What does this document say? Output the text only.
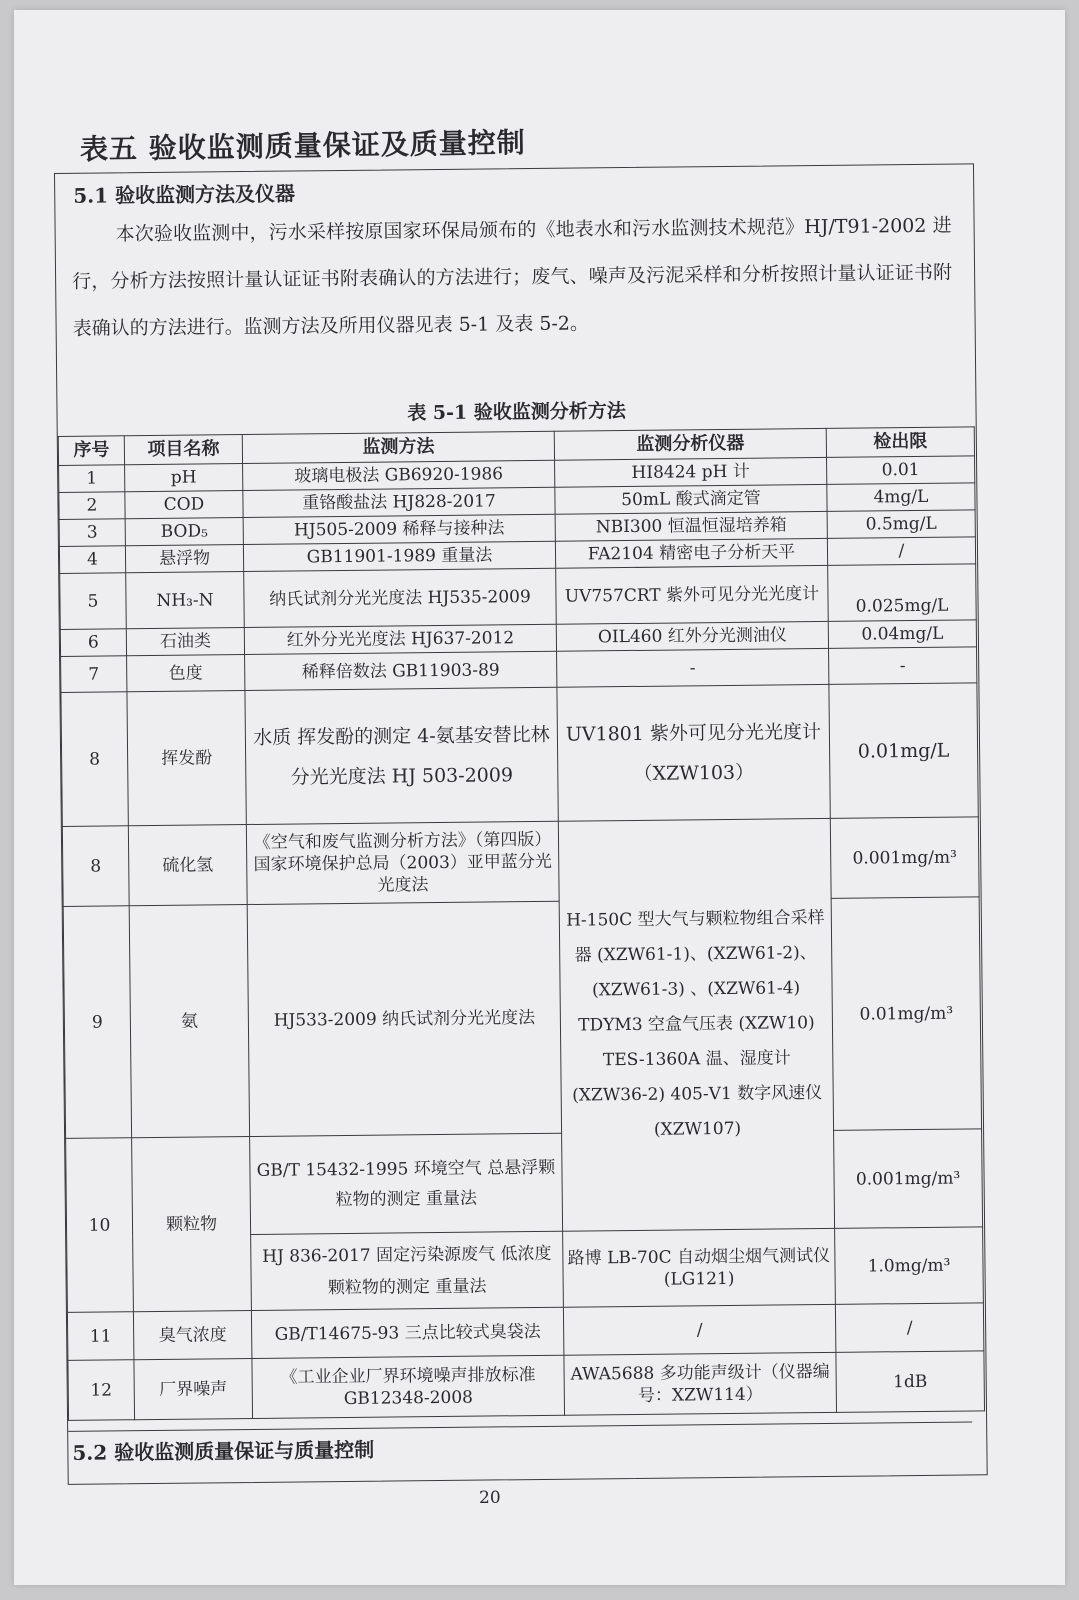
表五 验收监测质量保证及质量控制
5.1 验收监测方法及仪器
本次验收监测中，污水采样按原国家环保局颁布的《地表水和污水监测技术规范》HJ/T91-2002 进行，分析方法按照计量认证证书附表确认的方法进行；废气、噪声及污泥采样和分析按照计量认证证书附表确认的方法进行。监测方法及所用仪器见表 5-1 及表 5-2。
表 5-1 验收监测分析方法
序号	项目名称	监测方法	监测分析仪器	检出限
1	pH	玻璃电极法 GB6920-1986	HI8424 pH 计	0.01
2	COD	重铬酸盐法 HJ828-2017	50mL 酸式滴定管	4mg/L
3	BOD₅	HJ505-2009 稀释与接种法	NBI300 恒温恒湿培养箱	0.5mg/L
4	悬浮物	GB11901-1989 重量法	FA2104 精密电子分析天平	/
5	NH₃-N	纳氏试剂分光光度法 HJ535-2009	UV757CRT 紫外可见分光光度计	0.025mg/L
6	石油类	红外分光光度法 HJ637-2012	OIL460 红外分光测油仪	0.04mg/L
7	色度	稀释倍数法 GB11903-89	-	-
8	挥发酚	水质 挥发酚的测定 4-氨基安替比林分光光度法 HJ 503-2009	UV1801 紫外可见分光光度计（XZW103）	0.01mg/L
8	硫化氢	《空气和废气监测分析方法》（第四版）国家环境保护总局（2003）亚甲蓝分光光度法	H-150C 型大气与颗粒物组合采样器 (XZW61-1)、(XZW61-2)、(XZW61-3) 、(XZW61-4) TDYM3 空盒气压表 (XZW10) TES-1360A 温、湿度计 (XZW36-2) 405-V1 数字风速仪(XZW107)	0.001mg/m³
9	氨	HJ533-2009 纳氏试剂分光光度法		0.01mg/m³
10	颗粒物	GB/T 15432-1995 环境空气 总悬浮颗粒物的测定 重量法		0.001mg/m³
		HJ 836-2017 固定污染源废气 低浓度颗粒物的测定 重量法	路博 LB-70C 自动烟尘烟气测试仪(LG121)	1.0mg/m³
11	臭气浓度	GB/T14675-93 三点比较式臭袋法	/	/
12	厂界噪声	《工业企业厂界环境噪声排放标准 GB12348-2008	AWA5688 多功能声级计（仪器编号：XZW114）	1dB
5.2 验收监测质量保证与质量控制
20
